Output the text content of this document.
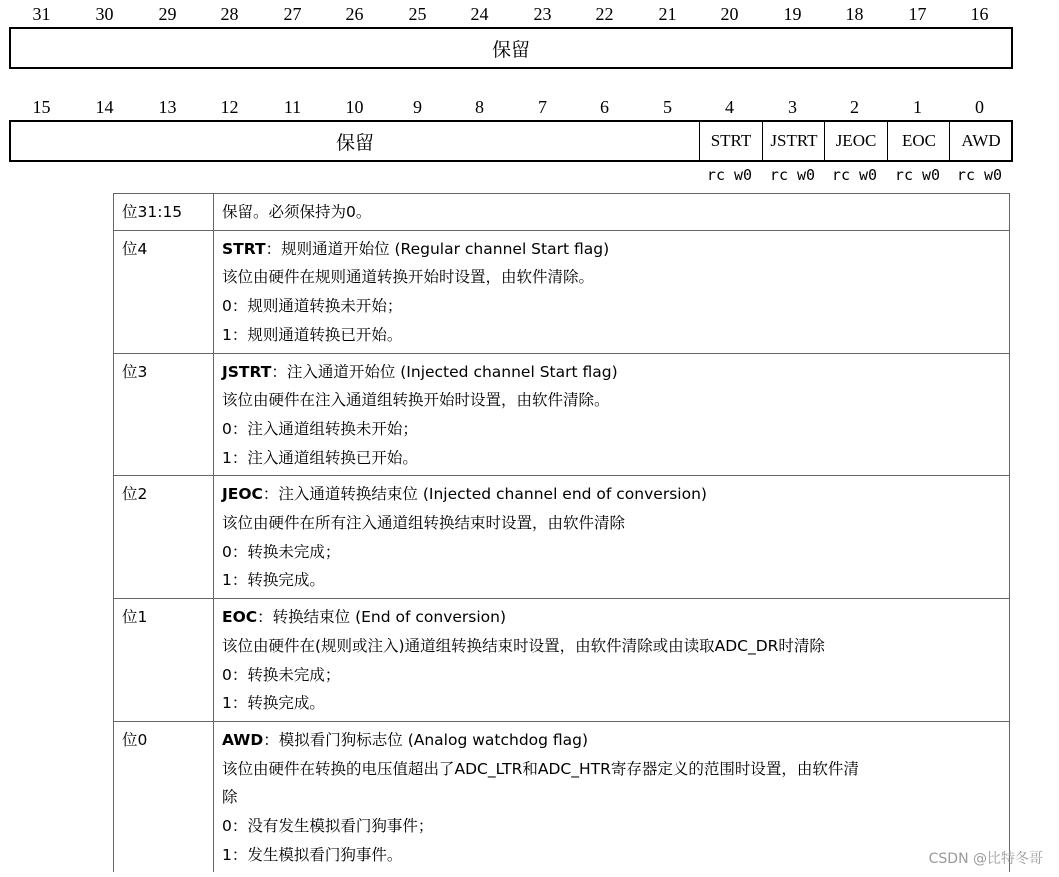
31	30	29	28	27	26	25	24	23	22	21	20	19	18	17	16
保留
15	14	13	12	11	10	9	8	7	6	5	4	3	2	1	0
保留	STRT	JSTRT	JEOC	EOC	AWD
rc w0	rc w0	rc w0	rc w0	rc w0
位31:15	保留。必须保持为0。

位4	STRT：规则通道开始位 (Regular channel Start flag)
该位由硬件在规则通道转换开始时设置，由软件清除。
0：规则通道转换未开始；
1：规则通道转换已开始。

位3	JSTRT：注入通道开始位 (Injected channel Start flag)
该位由硬件在注入通道组转换开始时设置，由软件清除。
0：注入通道组转换未开始；
1：注入通道组转换已开始。

位2	JEOC：注入通道转换结束位 (Injected channel end of conversion)
该位由硬件在所有注入通道组转换结束时设置，由软件清除
0：转换未完成；
1：转换完成。

位1	EOC：转换结束位 (End of conversion)
该位由硬件在(规则或注入)通道组转换结束时设置，由软件清除或由读取ADC_DR时清除
0：转换未完成；
1：转换完成。

位0	AWD：模拟看门狗标志位 (Analog watchdog flag)
该位由硬件在转换的电压值超出了ADC_LTR和ADC_HTR寄存器定义的范围时设置，由软件清
除
0：没有发生模拟看门狗事件；
1：发生模拟看门狗事件。	CSDN @比特冬哥
